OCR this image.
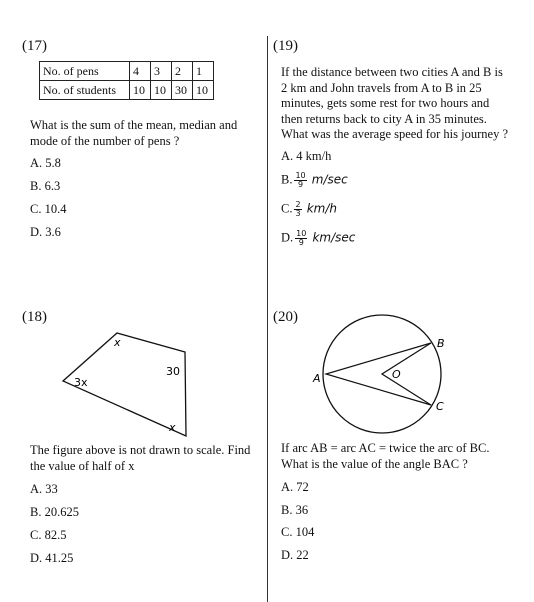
(17)
No. of pens	4	3	2	1
No. of students	10	10	30	10
What is the sum of the mean, median and
mode of the number of pens ?
A. 5.8
B. 6.3
C. 10.4
D. 3.6
(18)
x
3x
30
x
The figure above is not drawn to scale. Find
the value of half of x
A. 33
B. 20.625
C. 82.5
D. 41.25
(19)
If the distance between two cities A and B is
2 km and John travels from A to B in 25
minutes, gets some rest for two hours and
then returns back to city A in 35 minutes.
What was the average speed for his journey ?
A. 4 km/h
B. $\frac{10}{9} m/\sec$
C. $\frac{2}{3} km/h$
D. $\frac{10}{9} km/\sec$
(20)
A
B
C
O
If arc AB = arc AC = twice the arc of BC.
What is the value of the angle BAC ?
A. 72
B. 36
C. 104
D. 22
